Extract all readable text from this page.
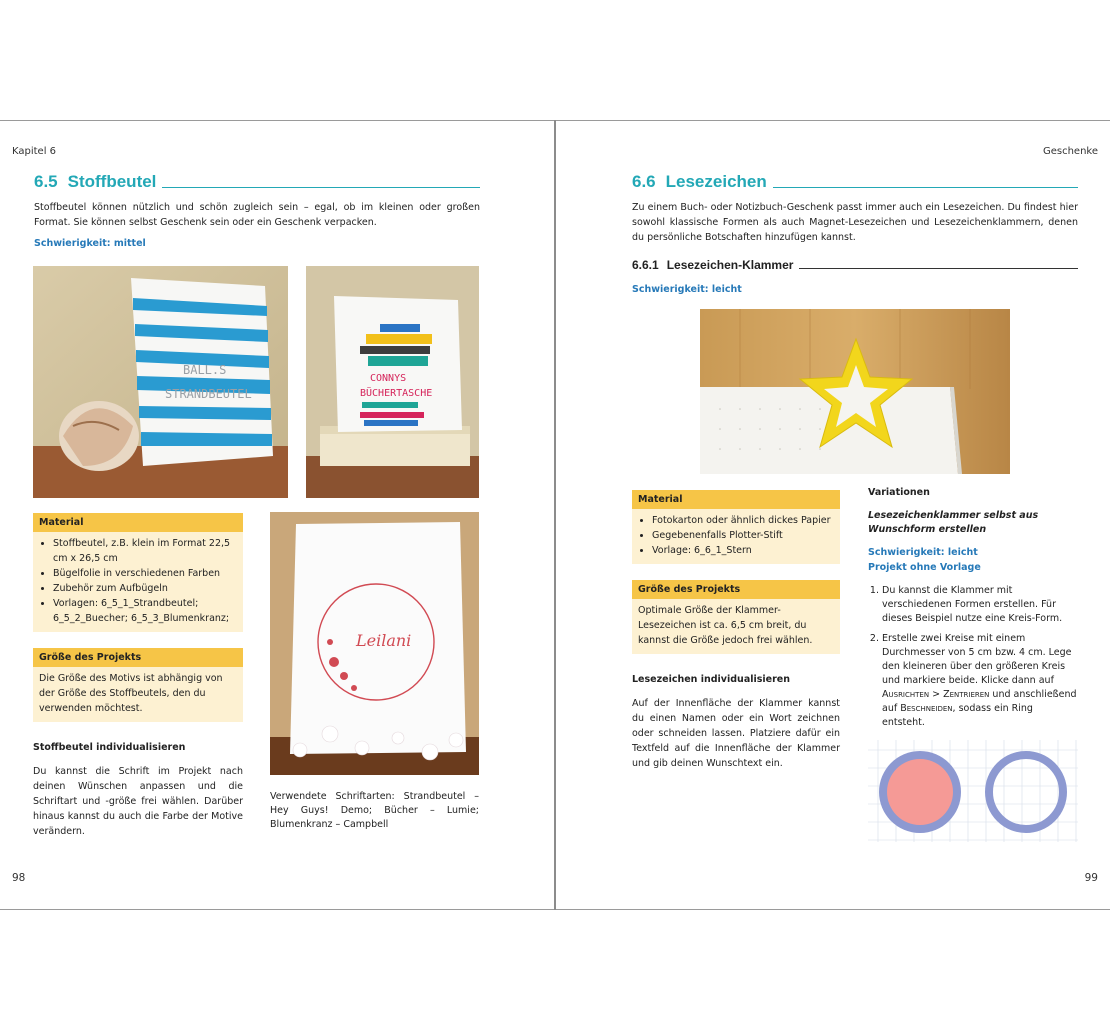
Kapitel 6
6.5 Stoffbeutel
Stoffbeutel können nützlich und schön zugleich sein – egal, ob im kleinen oder großen Format. Sie können selbst Geschenk sein oder ein Geschenk verpacken.
Schwierigkeit: mittel
BALL.S
STRANDBEUTEL
CONNYS
BÜCHERTASCHE
Material
• Stoffbeutel, z.B. klein im Format 22,5 cm x 26,5 cm
• Bügelfolie in verschiedenen Farben
• Zubehör zum Aufbügeln
• Vorlagen: 6_5_1_Strandbeutel; 6_5_2_Buecher; 6_5_3_Blumenkranz;
Größe des Projekts
Die Größe des Motivs ist abhängig von der Größe des Stoffbeutels, den du verwenden möchtest.
Stoffbeutel individualisieren
Du kannst die Schrift im Projekt nach deinen Wünschen anpassen und die Schriftart und -größe frei wählen. Darüber hinaus kannst du auch die Farbe der Motive verändern.
Leilani
Verwendete Schriftarten: Strandbeutel – Hey Guys! Demo; Bücher – Lumie; Blumenkranz – Campbell
98
Geschenke
6.6 Lesezeichen
Zu einem Buch- oder Notizbuch-Geschenk passt immer auch ein Lesezeichen. Du findest hier sowohl klassische Formen als auch Magnet-Lesezeichen und Lesezeichenklammern, denen du persönliche Botschaften hinzufügen kannst.
6.6.1 Lesezeichen-Klammer
Schwierigkeit: leicht
Material
• Fotokarton oder ähnlich dickes Papier
• Gegebenenfalls Plotter-Stift
• Vorlage: 6_6_1_Stern
Größe des Projekts
Optimale Größe der Klammer-Lesezeichen ist ca. 6,5 cm breit, du kannst die Größe jedoch frei wählen.
Lesezeichen individualisieren
Auf der Innenfläche der Klammer kannst du einen Namen oder ein Wort zeichnen oder schneiden lassen. Platziere dafür ein Textfeld auf die Innenfläche der Klammer und gib deinen Wunschtext ein.
Variationen
Lesezeichenklammer selbst aus Wunschform erstellen
Schwierigkeit: leicht
Projekt ohne Vorlage
1. Du kannst die Klammer mit verschiedenen Formen erstellen. Für dieses Beispiel nutze eine Kreis-Form.
2. Erstelle zwei Kreise mit einem Durchmesser von 5 cm bzw. 4 cm. Lege den kleineren über den größeren Kreis und markiere beide. Klicke dann auf Ausrichten > Zentrieren und anschließend auf Beschneiden, sodass ein Ring entsteht.
99
